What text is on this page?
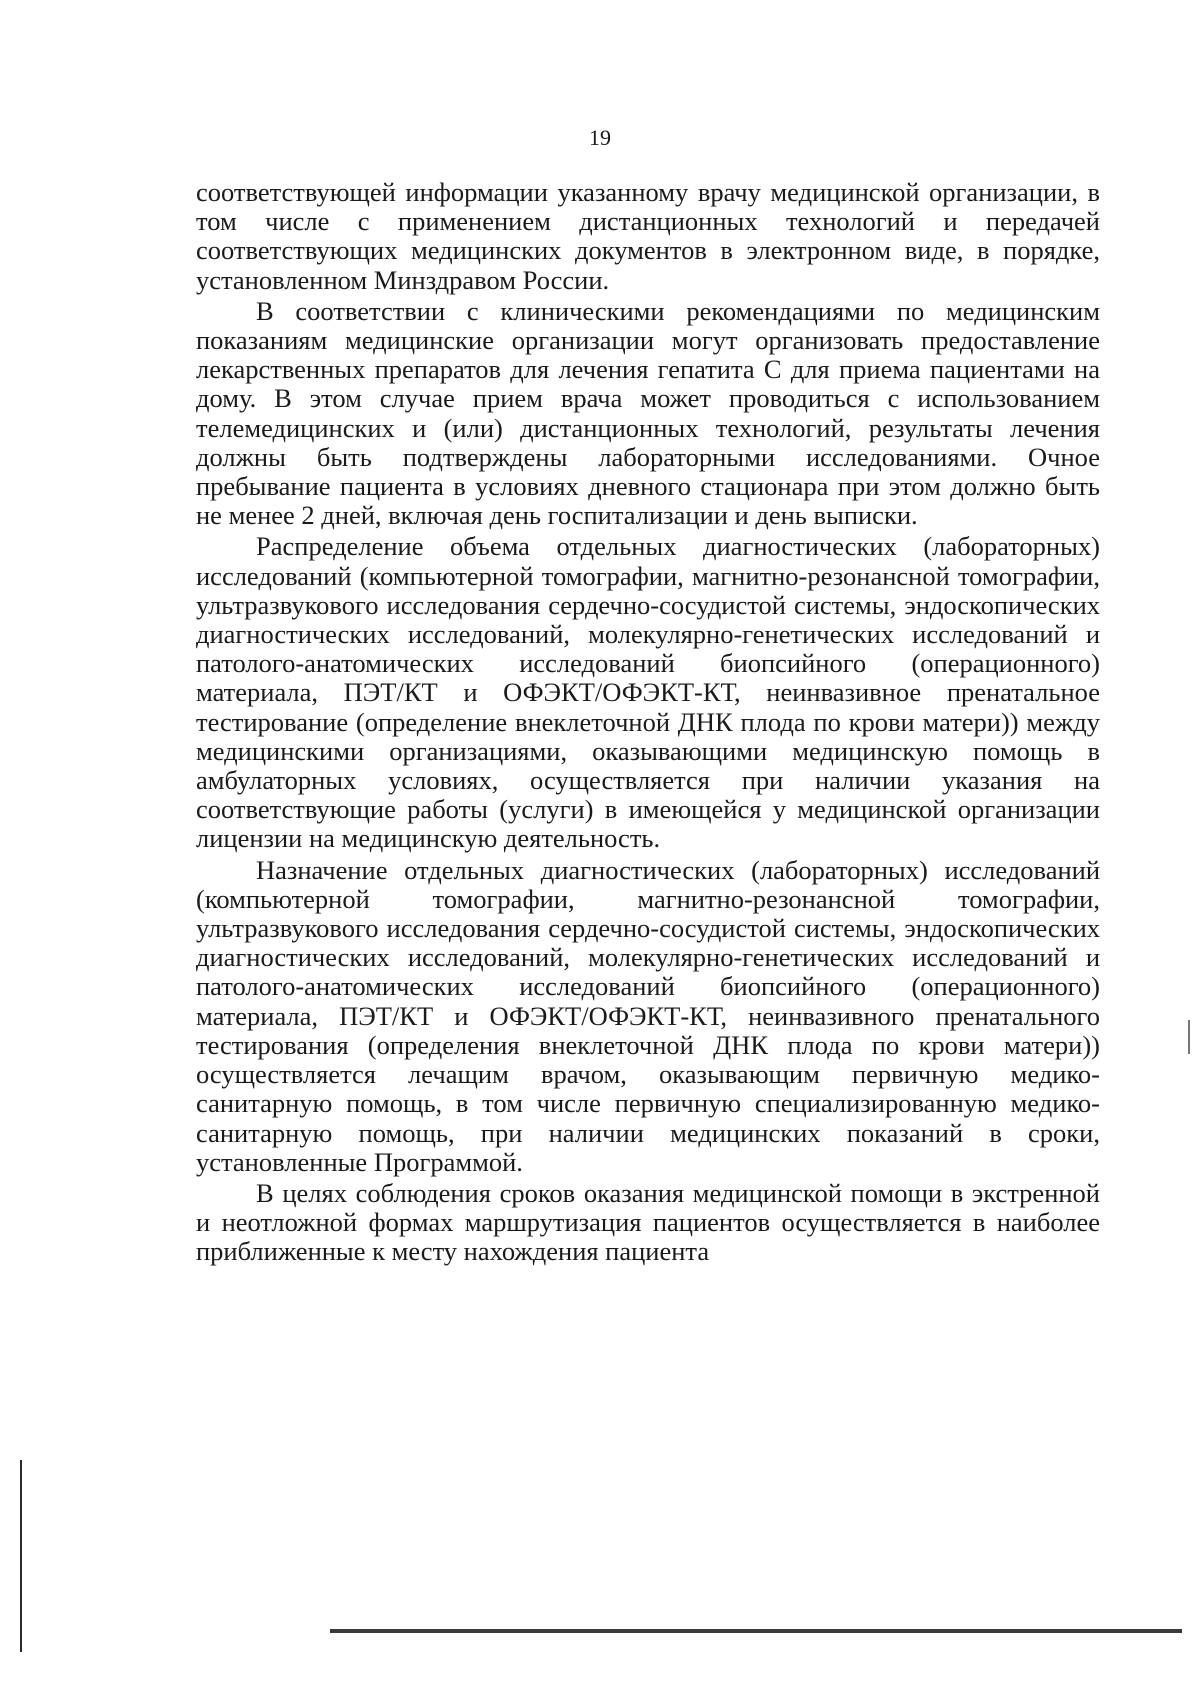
19

соответствующей информации указанному врачу медицинской организации, в том числе с применением дистанционных технологий и передачей соответствующих медицинских документов в электронном виде, в порядке, установленном Минздравом России.

В соответствии с клиническими рекомендациями по медицинским показаниям медицинские организации могут организовать предоставление лекарственных препаратов для лечения гепатита С для приема пациентами на дому. В этом случае прием врача может проводиться с использованием телемедицинских и (или) дистанционных технологий, результаты лечения должны быть подтверждены лабораторными исследованиями. Очное пребывание пациента в условиях дневного стационара при этом должно быть не менее 2 дней, включая день госпитализации и день выписки.

Распределение объема отдельных диагностических (лабораторных) исследований (компьютерной томографии, магнитно-резонансной томографии, ультразвукового исследования сердечно-сосудистой системы, эндоскопических диагностических исследований, молекулярно-генетических исследований и патолого-анатомических исследований биопсийного (операционного) материала, ПЭТ/КТ и ОФЭКТ/ОФЭКТ-КТ, неинвазивное пренатальное тестирование (определение внеклеточной ДНК плода по крови матери)) между медицинскими организациями, оказывающими медицинскую помощь в амбулаторных условиях, осуществляется при наличии указания на соответствующие работы (услуги) в имеющейся у медицинской организации лицензии на медицинскую деятельность.

Назначение отдельных диагностических (лабораторных) исследований (компьютерной томографии, магнитно-резонансной томографии, ультразвукового исследования сердечно-сосудистой системы, эндоскопических диагностических исследований, молекулярно-генетических исследований и патолого-анатомических исследований биопсийного (операционного) материала, ПЭТ/КТ и ОФЭКТ/ОФЭКТ-КТ, неинвазивного пренатального тестирования (определения внеклеточной ДНК плода по крови матери)) осуществляется лечащим врачом, оказывающим первичную медико-санитарную помощь, в том числе первичную специализированную медико-санитарную помощь, при наличии медицинских показаний в сроки, установленные Программой.

В целях соблюдения сроков оказания медицинской помощи в экстренной и неотложной формах маршрутизация пациентов осуществляется в наиболее приближенные к месту нахождения пациента
